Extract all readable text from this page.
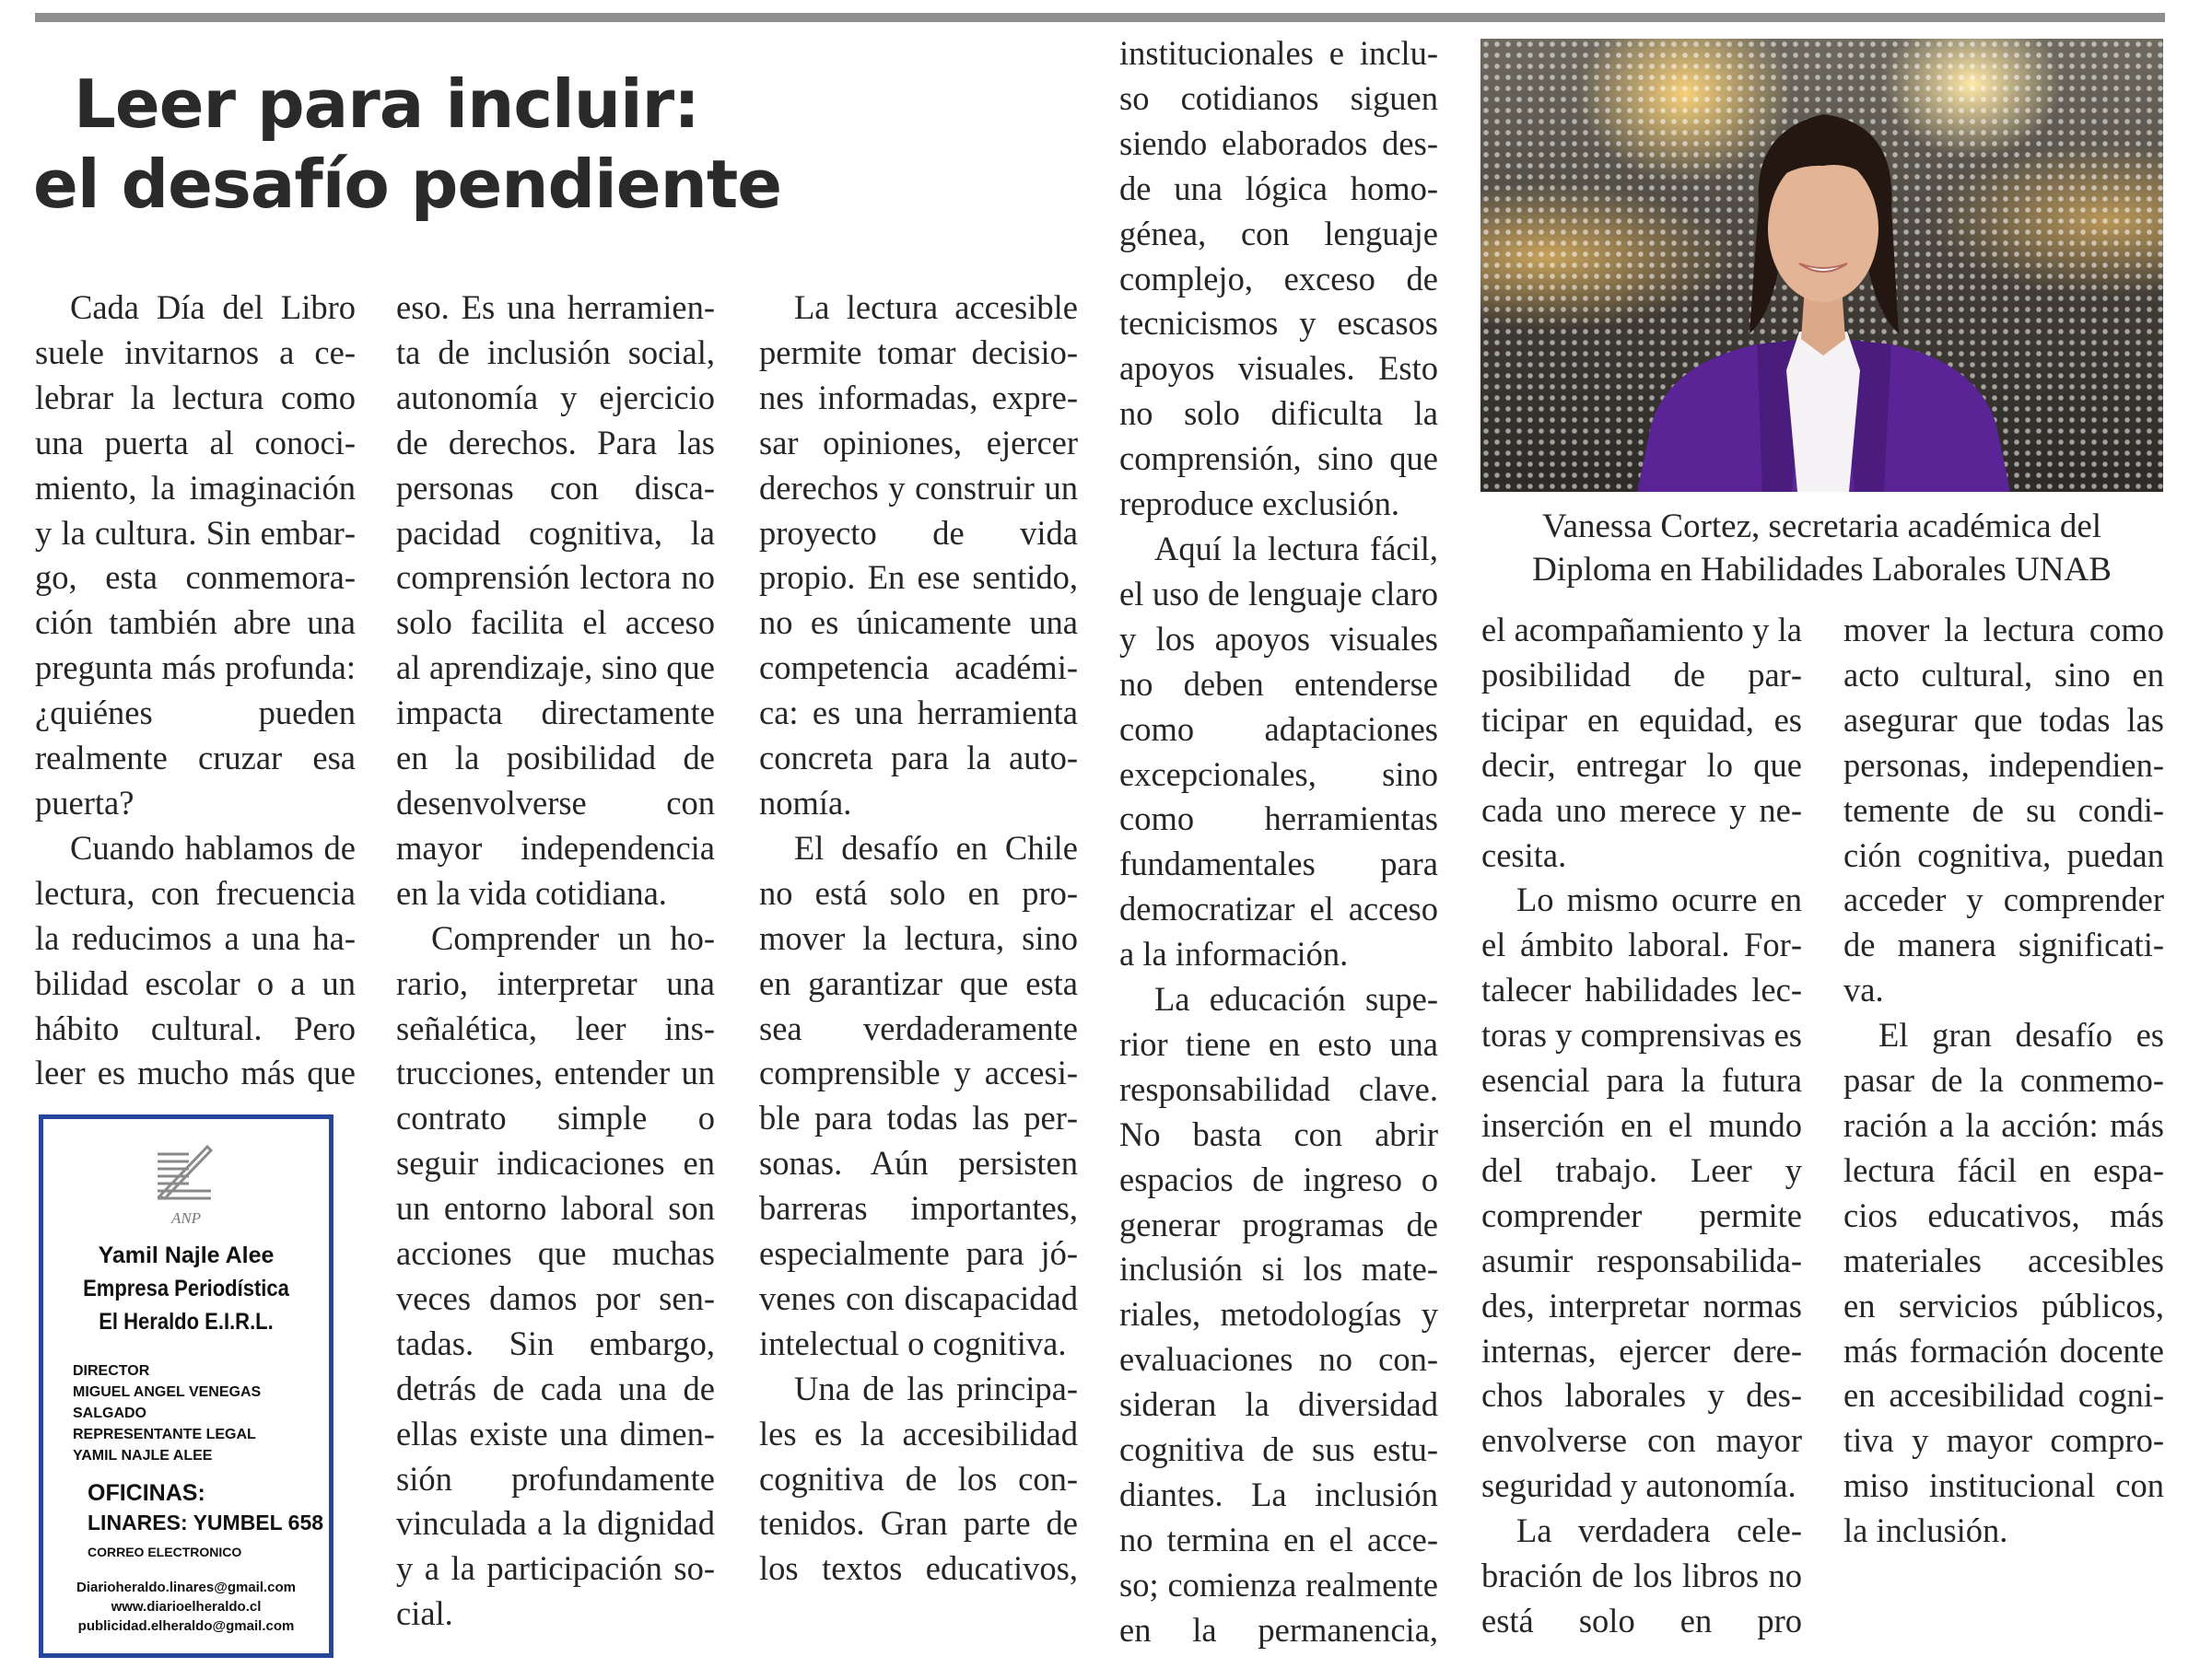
Leer para incluir:
el desafío pendiente

Cada Día del Libro suele invitarnos a celebrar la lectura como una puerta al conocimiento, la imaginación y la cultura. Sin embargo, esta conmemoración también abre una pregunta más profunda: ¿quiénes pueden realmente cruzar esa puerta?

Cuando hablamos de lectura, con frecuencia la reducimos a una habilidad escolar o a un hábito cultural. Pero leer es mucho más que

eso. Es una herramienta de inclusión social, autonomía y ejercicio de derechos. Para las personas con discapacidad cognitiva, la comprensión lectora no solo facilita el acceso al aprendizaje, sino que impacta directamente en la posibilidad de desenvolverse con mayor independencia en la vida cotidiana.

Comprender un horario, interpretar una señalética, leer instrucciones, entender un contrato simple o seguir indicaciones en un entorno laboral son acciones que muchas veces damos por sentadas. Sin embargo, detrás de cada una de ellas existe una dimensión profundamente vinculada a la dignidad y a la participación social.

La lectura accesible permite tomar decisiones informadas, expresar opiniones, ejercer derechos y construir un proyecto de vida propio. En ese sentido, no es únicamente una competencia académica: es una herramienta concreta para la autonomía.

El desafío en Chile no está solo en promover la lectura, sino en garantizar que esta sea verdaderamente comprensible y accesible para todas las personas. Aún persisten barreras importantes, especialmente para jóvenes con discapacidad intelectual o cognitiva.

Una de las principales es la accesibilidad cognitiva de los contenidos. Gran parte de los textos educativos,

institucionales e incluso cotidianos siguen siendo elaborados desde una lógica homogénea, con lenguaje complejo, exceso de tecnicismos y escasos apoyos visuales. Esto no solo dificulta la comprensión, sino que reproduce exclusión.

Aquí la lectura fácil, el uso de lenguaje claro y los apoyos visuales no deben entenderse como adaptaciones excepcionales, sino como herramientas fundamentales para democratizar el acceso a la información.

La educación superior tiene en esto una responsabilidad clave. No basta con abrir espacios de ingreso o generar programas de inclusión si los materiales, metodologías y evaluaciones no consideran la diversidad cognitiva de sus estudiantes. La inclusión no termina en el acceso; comienza realmente en la permanencia,

Vanessa Cortez, secretaria académica del
Diploma en Habilidades Laborales UNAB

el acompañamiento y la posibilidad de participar en equidad, es decir, entregar lo que cada uno merece y necesita.

Lo mismo ocurre en el ámbito laboral. Fortalecer habilidades lectoras y comprensivas es esencial para la futura inserción en el mundo del trabajo. Leer y comprender permite asumir responsabilidades, interpretar normas internas, ejercer derechos laborales y desenvolverse con mayor seguridad y autonomía.

La verdadera celebración de los libros no está solo en pro

mover la lectura como acto cultural, sino en asegurar que todas las personas, independientemente de su condición cognitiva, puedan acceder y comprender de manera significativa.

El gran desafío es pasar de la conmemoración a la acción: más lectura fácil en espacios educativos, más materiales accesibles en servicios públicos, más formación docente en accesibilidad cognitiva y mayor compromiso institucional con la inclusión.

ANP
Yamil Najle Alee
Empresa Periodística
El Heraldo E.I.R.L.
DIRECTOR
MIGUEL ANGEL VENEGAS SALGADO
REPRESENTANTE LEGAL
YAMIL NAJLE ALEE
OFICINAS:
LINARES: YUMBEL 658
CORREO ELECTRONICO
Diarioheraldo.linares@gmail.com
www.diarioelheraldo.cl
publicidad.elheraldo@gmail.com
